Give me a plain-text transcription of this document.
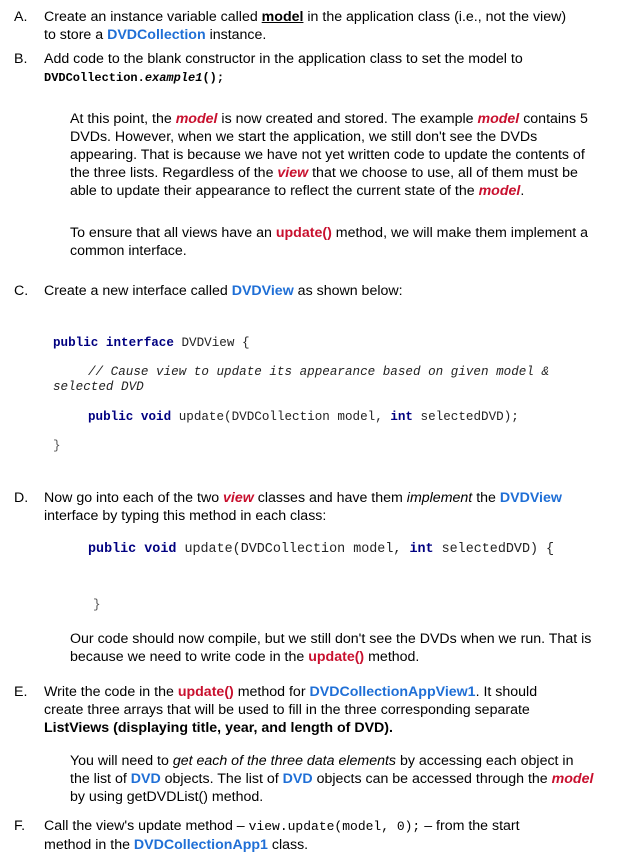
A. Create an instance variable called model in the application class (i.e., not the view)
to store a DVDCollection instance.
B. Add code to the blank constructor in the application class to set the model to
DVDCollection.example1();
At this point, the model is now created and stored. The example model contains 5
DVDs. However, when we start the application, we still don't see the DVDs
appearing. That is because we have not yet written code to update the contents of
the three lists. Regardless of the view that we choose to use, all of them must be
able to update their appearance to reflect the current state of the model.
To ensure that all views have an update() method, we will make them implement a
common interface.
C. Create a new interface called DVDView as shown below:
public interface DVDView {
// Cause view to update its appearance based on given model &
selected DVD
public void update(DVDCollection model, int selectedDVD);
}
D. Now go into each of the two view classes and have them implement the DVDView
interface by typing this method in each class:
public void update(DVDCollection model, int selectedDVD) {
}
Our code should now compile, but we still don't see the DVDs when we run. That is
because we need to write code in the update() method.
E. Write the code in the update() method for DVDCollectionAppView1. It should
create three arrays that will be used to fill in the three corresponding separate
ListViews (displaying title, year, and length of DVD).
You will need to get each of the three data elements by accessing each object in
the list of DVD objects. The list of DVD objects can be accessed through the model
by using getDVDList() method.
F. Call the view's update method – view.update(model, 0); – from the start
method in the DVDCollectionApp1 class.
